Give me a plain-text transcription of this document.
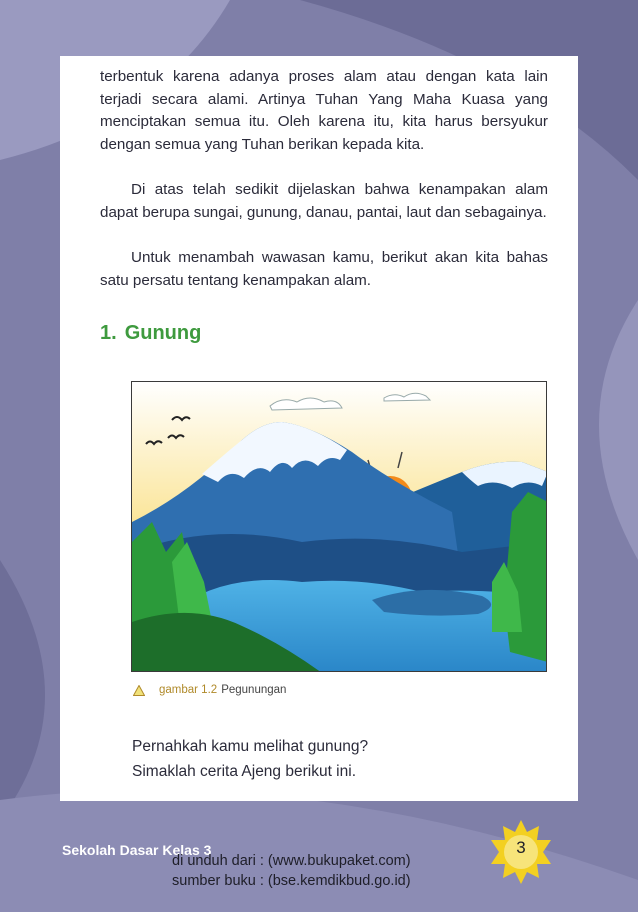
terbentuk karena adanya proses alam atau dengan kata lain terjadi secara alami. Artinya Tuhan Yang Maha Kuasa yang menciptakan semua itu. Oleh karena itu, kita harus bersyukur dengan semua yang Tuhan berikan kepada kita.

Di atas telah sedikit dijelaskan bahwa kenampakan alam dapat berupa sungai, gunung, danau, pantai, laut dan sebagainya.

Untuk menambah wawasan kamu, berikut akan kita bahas satu persatu tentang kenampakan alam.

1. Gunung
gambar 1.2 Pegunungan

Pernahkah kamu melihat gunung?

Simaklah cerita Ajeng berikut ini.

Sekolah Dasar Kelas 3
di unduh dari : (www.bukupaket.com)
sumber buku : (bse.kemdikbud.go.id)
3
